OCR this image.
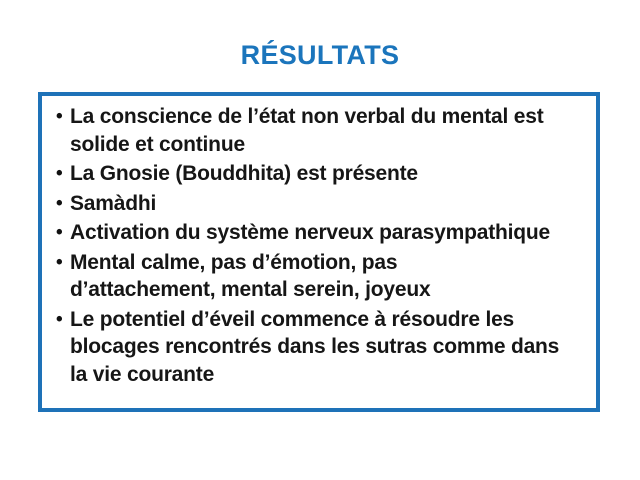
RÉSULTATS
• La conscience de l’état non verbal du mental est
solide et continue
• La Gnosie (Bouddhita) est présente
• Samàdhi
• Activation du système nerveux parasympathique
• Mental calme, pas d’émotion, pas
d’attachement, mental serein, joyeux
• Le potentiel d’éveil commence à résoudre les
blocages rencontrés dans les sutras comme dans
la vie courante
